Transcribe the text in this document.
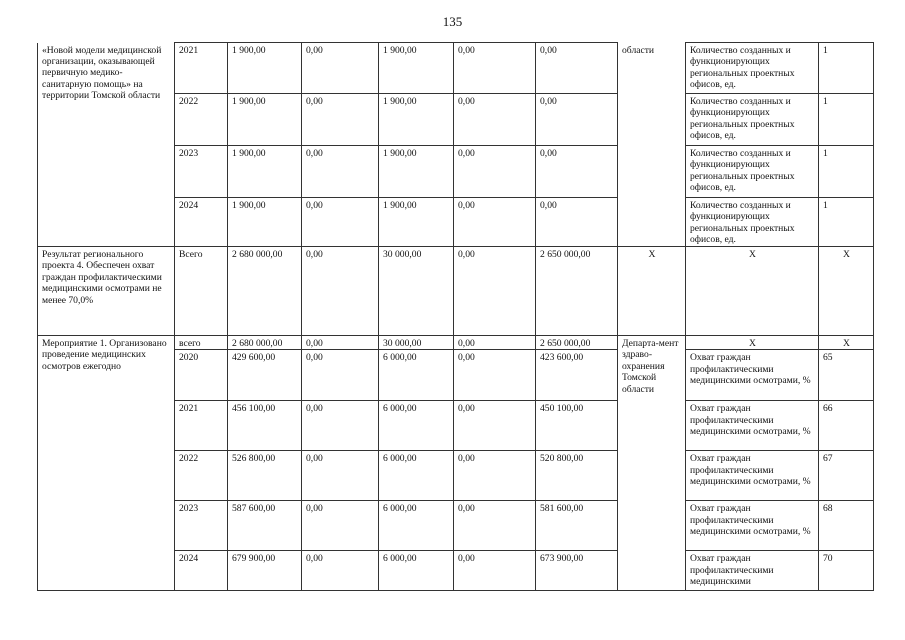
135
«Новой модели медицинской организации, оказывающей первичную медико-санитарную помощь» на территории Томской области	2021	1 900,00	0,00	1 900,00	0,00	0,00	области	Количество созданных и функционирующих региональных проектных офисов, ед.	1
	2022	1 900,00	0,00	1 900,00	0,00	0,00		Количество созданных и функционирующих региональных проектных офисов, ед.	1
	2023	1 900,00	0,00	1 900,00	0,00	0,00		Количество созданных и функционирующих региональных проектных офисов, ед.	1
	2024	1 900,00	0,00	1 900,00	0,00	0,00		Количество созданных и функционирующих региональных проектных офисов, ед.	1
Результат регионального проекта 4. Обеспечен охват граждан профилактическими медицинскими осмотрами не менее 70,0%	Всего	2 680 000,00	0,00	30 000,00	0,00	2 650 000,00	X	X	X
Мероприятие 1. Организовано проведение медицинских осмотров ежегодно	всего	2 680 000,00	0,00	30 000,00	0,00	2 650 000,00	Департа-мент здраво-охранения Томской области	X	X
	2020	429 600,00	0,00	6 000,00	0,00	423 600,00		Охват граждан профилактическими медицинскими осмотрами, %	65
	2021	456 100,00	0,00	6 000,00	0,00	450 100,00		Охват граждан профилактическими медицинскими осмотрами, %	66
	2022	526 800,00	0,00	6 000,00	0,00	520 800,00		Охват граждан профилактическими медицинскими осмотрами, %	67
	2023	587 600,00	0,00	6 000,00	0,00	581 600,00		Охват граждан профилактическими медицинскими осмотрами, %	68
	2024	679 900,00	0,00	6 000,00	0,00	673 900,00		Охват граждан профилактическими медицинскими	70
